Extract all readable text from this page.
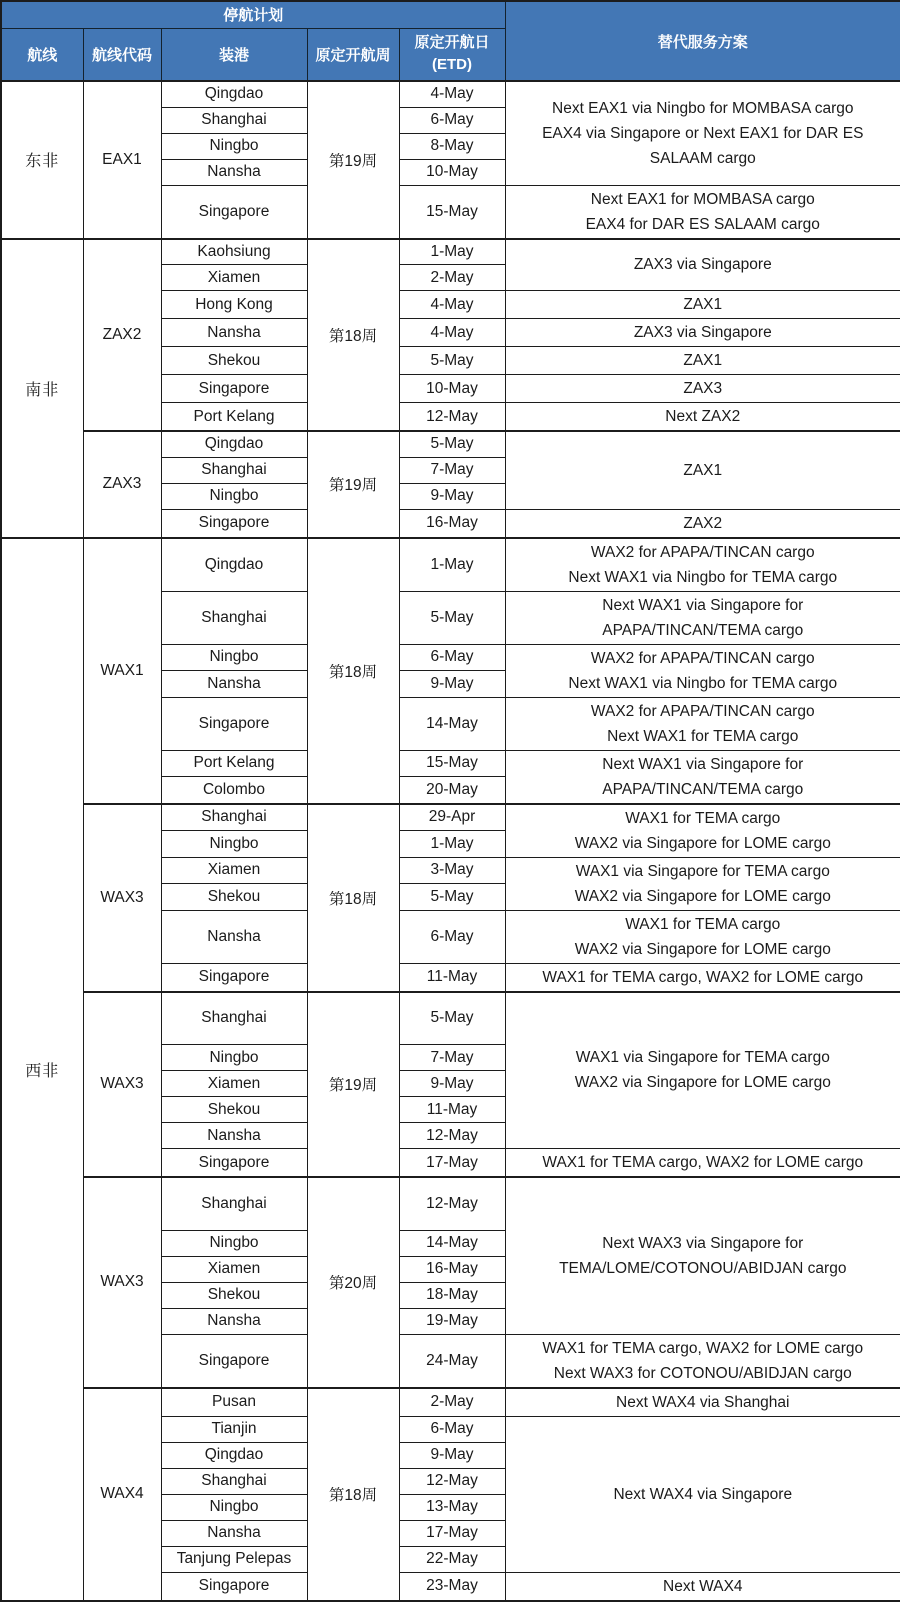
停航计划					替代服务方案
航线	航线代码	装港	原定开航周	原定开航日
(ETD)	

东非	EAX1	Qingdao	第19周	4-May	Next EAX1 via Ningbo for MOMBASA cargo
EAX4 via Singapore or Next EAX1 for DAR ES SALAAM cargo

		Shanghai		6-May	

		Ningbo		8-May	

		Nansha		10-May	

		Singapore		15-May	Next EAX1 for MOMBASA cargo
EAX4 for DAR ES SALAAM cargo

南非	ZAX2	Kaohsiung	第18周	1-May	ZAX3 via Singapore

		Xiamen		2-May	

		Hong Kong		4-May	ZAX1

		Nansha		4-May	ZAX3 via Singapore

		Shekou		5-May	ZAX1

		Singapore		10-May	ZAX3

		Port Kelang		12-May	Next ZAX2

	ZAX3	Qingdao	第19周	5-May	ZAX1

		Shanghai		7-May	

		Ningbo		9-May	

		Singapore		16-May	ZAX2

西非	WAX1	Qingdao	第18周	1-May	WAX2 for APAPA/TINCAN cargo
Next WAX1 via Ningbo for TEMA cargo

		Shanghai		5-May	Next WAX1 via Singapore for
APAPA/TINCAN/TEMA cargo

		Ningbo		6-May	WAX2 for APAPA/TINCAN cargo
Next WAX1 via Ningbo for TEMA cargo

		Nansha		9-May	

		Singapore		14-May	WAX2 for APAPA/TINCAN cargo
Next WAX1 for TEMA cargo

		Port Kelang		15-May	Next WAX1 via Singapore for
APAPA/TINCAN/TEMA cargo

		Colombo		20-May	

	WAX3	Shanghai	第18周	29-Apr	WAX1 for TEMA cargo
WAX2 via Singapore for LOME cargo

		Ningbo		1-May	

		Xiamen		3-May	WAX1 via Singapore for TEMA cargo
WAX2 via Singapore for LOME cargo

		Shekou		5-May	

		Nansha		6-May	WAX1 for TEMA cargo
WAX2 via Singapore for LOME cargo

		Singapore		11-May	WAX1 for TEMA cargo, WAX2 for LOME cargo

	WAX3	Shanghai	第19周	5-May	WAX1 via Singapore for TEMA cargo
WAX2 via Singapore for LOME cargo

		Ningbo		7-May	

		Xiamen		9-May	

		Shekou		11-May	

		Nansha		12-May	

		Singapore		17-May	WAX1 for TEMA cargo, WAX2 for LOME cargo

	WAX3	Shanghai	第20周	12-May	Next WAX3 via Singapore for
TEMA/LOME/COTONOU/ABIDJAN cargo

		Ningbo		14-May	

		Xiamen		16-May	

		Shekou		18-May	

		Nansha		19-May	

		Singapore		24-May	WAX1 for TEMA cargo, WAX2 for LOME cargo
Next WAX3 for COTONOU/ABIDJAN cargo

	WAX4	Pusan	第18周	2-May	Next WAX4 via Shanghai

		Tianjin		6-May	Next WAX4 via Singapore

		Qingdao		9-May	

		Shanghai		12-May	

		Ningbo		13-May	

		Nansha		17-May	

		Tanjung Pelepas		22-May	

		Singapore		23-May	Next WAX4
